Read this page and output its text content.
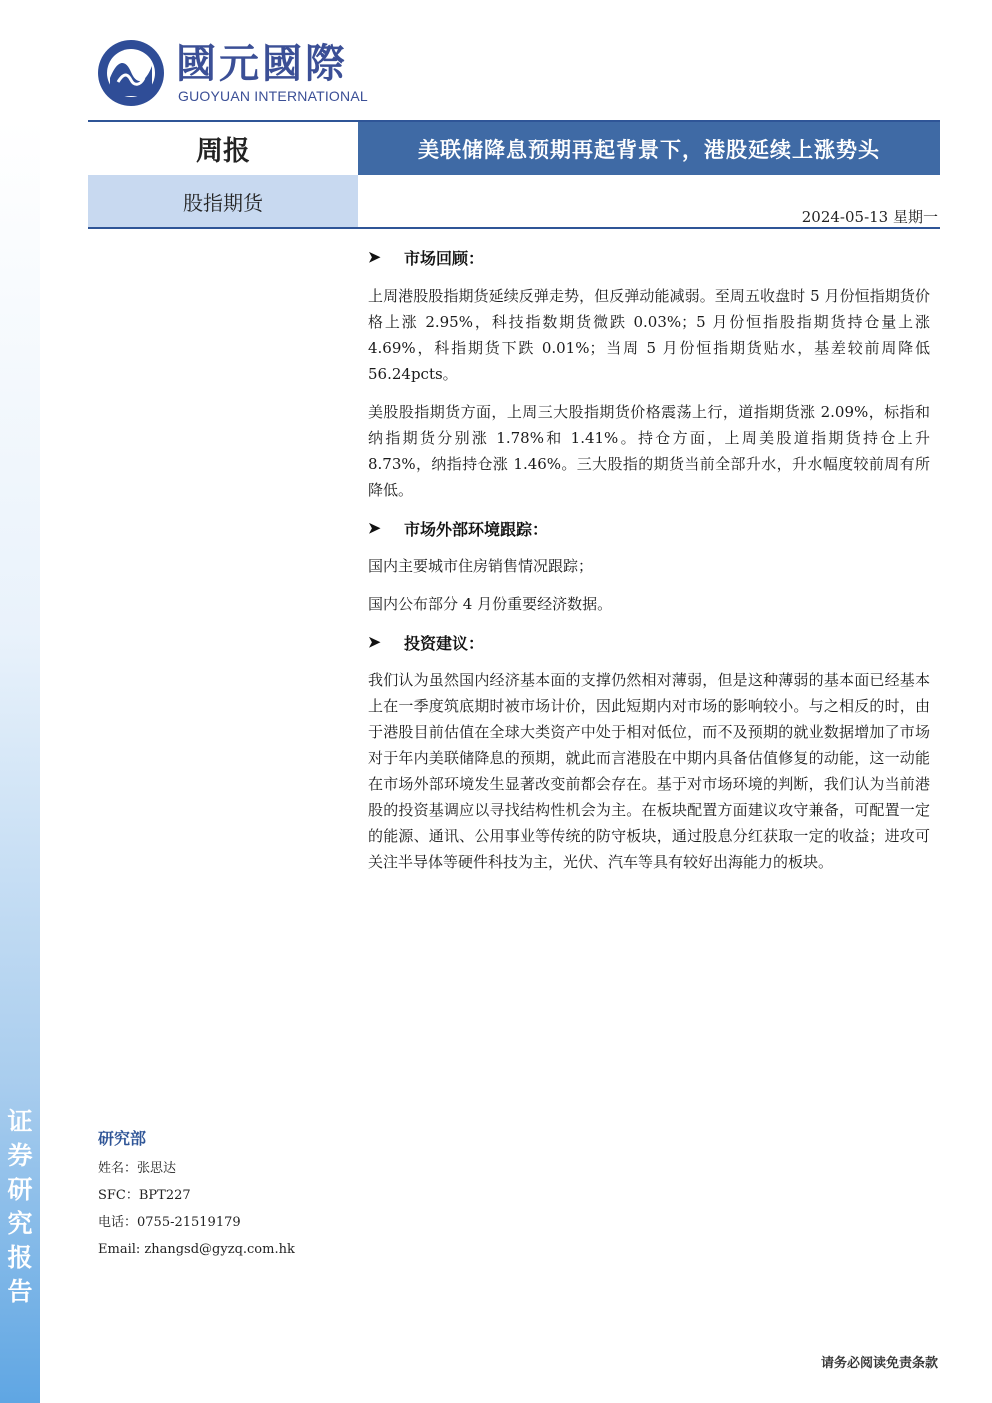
证券研究报告
國元國際
GUOYUAN INTERNATIONAL
周报	美联储降息预期再起背景下，港股延续上涨势头
股指期货
2024-05-13 星期一
➤	市场回顾：

上周港股股指期货延续反弹走势，但反弹动能减弱。至周五收盘时 5 月份恒指期货价格上涨 2.95%，科技指数期货微跌 0.03%；5 月份恒指股指期货持仓量上涨 4.69%，科指期货下跌 0.01%；当周 5 月份恒指期货贴水，基差较前周降低 56.24pcts。

美股股指期货方面，上周三大股指期货价格震荡上行，道指期货涨 2.09%，标指和纳指期货分别涨 1.78%和 1.41%。持仓方面，上周美股道指期货持仓上升 8.73%，纳指持仓涨 1.46%。三大股指的期货当前全部升水，升水幅度较前周有所降低。

➤	市场外部环境跟踪：

国内主要城市住房销售情况跟踪；

国内公布部分 4 月份重要经济数据。

➤	投资建议：

我们认为虽然国内经济基本面的支撑仍然相对薄弱，但是这种薄弱的基本面已经基本上在一季度筑底期时被市场计价，因此短期内对市场的影响较小。与之相反的时，由于港股目前估值在全球大类资产中处于相对低位，而不及预期的就业数据增加了市场对于年内美联储降息的预期，就此而言港股在中期内具备估值修复的动能，这一动能在市场外部环境发生显著改变前都会存在。基于对市场环境的判断，我们认为当前港股的投资基调应以寻找结构性机会为主。在板块配置方面建议攻守兼备，可配置一定的能源、通讯、公用事业等传统的防守板块，通过股息分红获取一定的收益；进攻可关注半导体等硬件科技为主，光伏、汽车等具有较好出海能力的板块。

研究部
姓名：张思达
SFC：BPT227
电话：0755-21519179
Email: zhangsd@gyzq.com.hk
请务必阅读免责条款
